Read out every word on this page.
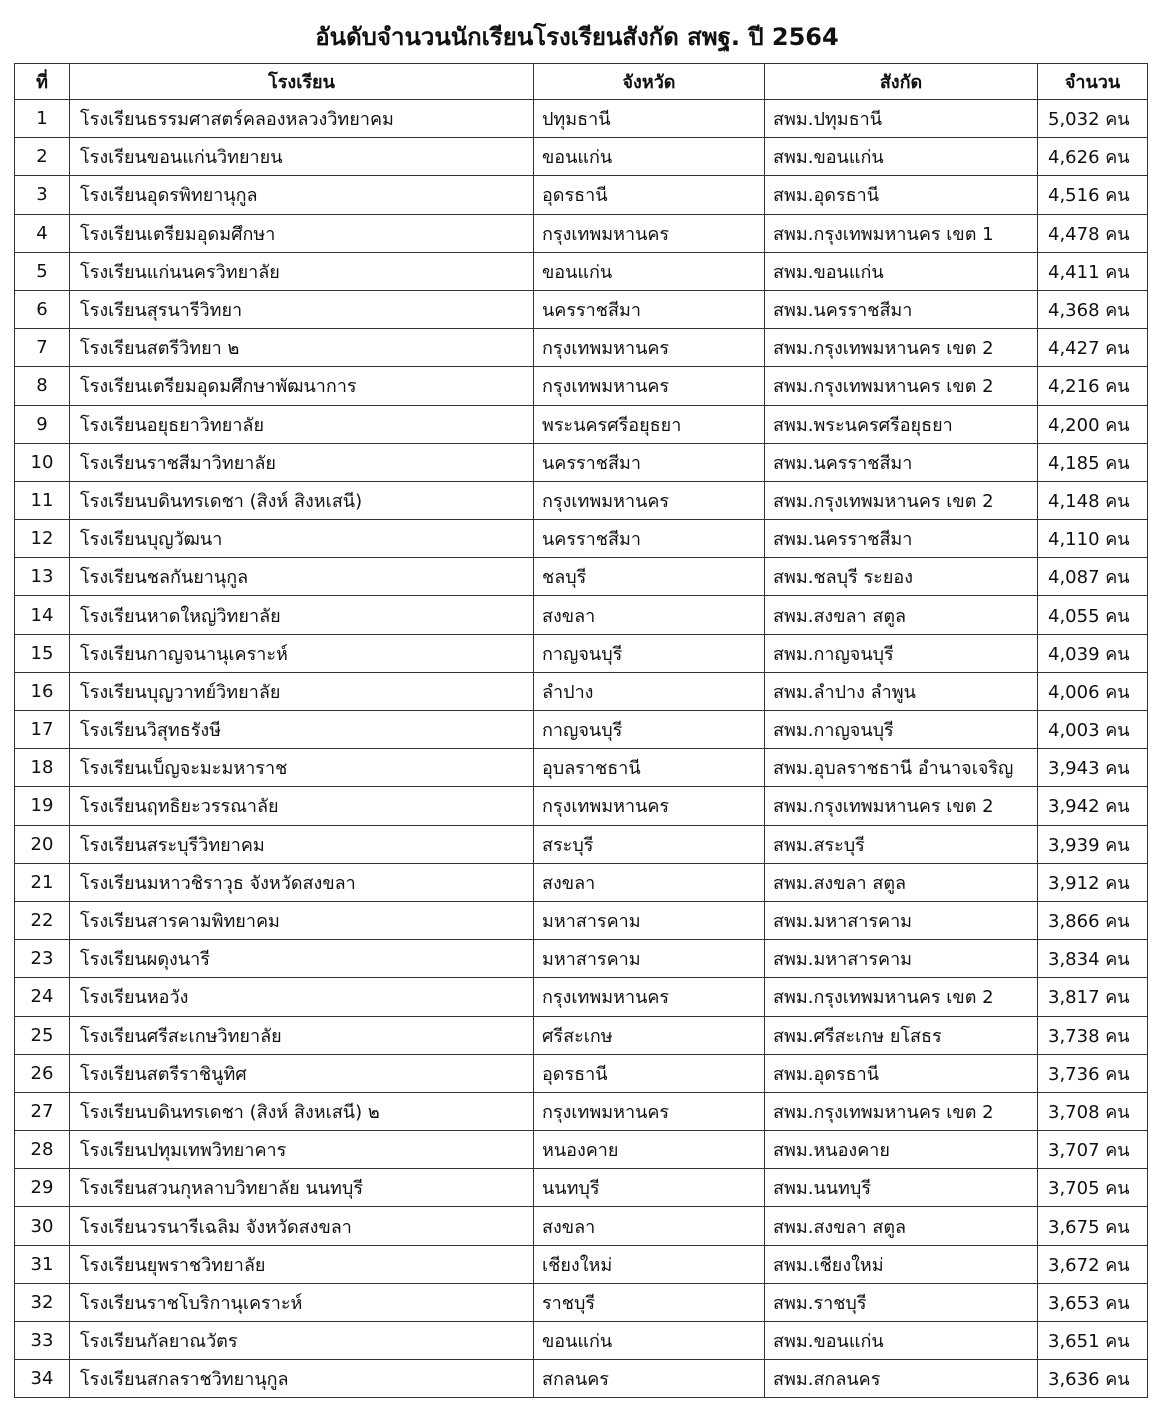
อันดับจำนวนนักเรียนโรงเรียนสังกัด สพฐ. ปี 2564
ที่	โรงเรียน	จังหวัด	สังกัด	จำนวน
1	โรงเรียนธรรมศาสตร์คลองหลวงวิทยาคม	ปทุมธานี	สพม.ปทุมธานี	5,032 คน
2	โรงเรียนขอนแก่นวิทยายน	ขอนแก่น	สพม.ขอนแก่น	4,626 คน
3	โรงเรียนอุดรพิทยานุกูล	อุดรธานี	สพม.อุดรธานี	4,516 คน
4	โรงเรียนเตรียมอุดมศึกษา	กรุงเทพมหานคร	สพม.กรุงเทพมหานคร เขต 1	4,478 คน
5	โรงเรียนแก่นนครวิทยาลัย	ขอนแก่น	สพม.ขอนแก่น	4,411 คน
6	โรงเรียนสุรนารีวิทยา	นครราชสีมา	สพม.นครราชสีมา	4,368 คน
7	โรงเรียนสตรีวิทยา ๒	กรุงเทพมหานคร	สพม.กรุงเทพมหานคร เขต 2	4,427 คน
8	โรงเรียนเตรียมอุดมศึกษาพัฒนาการ	กรุงเทพมหานคร	สพม.กรุงเทพมหานคร เขต 2	4,216 คน
9	โรงเรียนอยุธยาวิทยาลัย	พระนครศรีอยุธยา	สพม.พระนครศรีอยุธยา	4,200 คน
10	โรงเรียนราชสีมาวิทยาลัย	นครราชสีมา	สพม.นครราชสีมา	4,185 คน
11	โรงเรียนบดินทรเดชา (สิงห์ สิงหเสนี)	กรุงเทพมหานคร	สพม.กรุงเทพมหานคร เขต 2	4,148 คน
12	โรงเรียนบุญวัฒนา	นครราชสีมา	สพม.นครราชสีมา	4,110 คน
13	โรงเรียนชลกันยานุกูล	ชลบุรี	สพม.ชลบุรี ระยอง	4,087 คน
14	โรงเรียนหาดใหญ่วิทยาลัย	สงขลา	สพม.สงขลา สตูล	4,055 คน
15	โรงเรียนกาญจนานุเคราะห์	กาญจนบุรี	สพม.กาญจนบุรี	4,039 คน
16	โรงเรียนบุญวาทย์วิทยาลัย	ลำปาง	สพม.ลำปาง ลำพูน	4,006 คน
17	โรงเรียนวิสุทธรังษี	กาญจนบุรี	สพม.กาญจนบุรี	4,003 คน
18	โรงเรียนเบ็ญจะมะมหาราช	อุบลราชธานี	สพม.อุบลราชธานี อำนาจเจริญ	3,943 คน
19	โรงเรียนฤทธิยะวรรณาลัย	กรุงเทพมหานคร	สพม.กรุงเทพมหานคร เขต 2	3,942 คน
20	โรงเรียนสระบุรีวิทยาคม	สระบุรี	สพม.สระบุรี	3,939 คน
21	โรงเรียนมหาวชิราวุธ จังหวัดสงขลา	สงขลา	สพม.สงขลา สตูล	3,912 คน
22	โรงเรียนสารคามพิทยาคม	มหาสารคาม	สพม.มหาสารคาม	3,866 คน
23	โรงเรียนผดุงนารี	มหาสารคาม	สพม.มหาสารคาม	3,834 คน
24	โรงเรียนหอวัง	กรุงเทพมหานคร	สพม.กรุงเทพมหานคร เขต 2	3,817 คน
25	โรงเรียนศรีสะเกษวิทยาลัย	ศรีสะเกษ	สพม.ศรีสะเกษ ยโสธร	3,738 คน
26	โรงเรียนสตรีราชินูทิศ	อุดรธานี	สพม.อุดรธานี	3,736 คน
27	โรงเรียนบดินทรเดชา (สิงห์ สิงหเสนี) ๒	กรุงเทพมหานคร	สพม.กรุงเทพมหานคร เขต 2	3,708 คน
28	โรงเรียนปทุมเทพวิทยาคาร	หนองคาย	สพม.หนองคาย	3,707 คน
29	โรงเรียนสวนกุหลาบวิทยาลัย นนทบุรี	นนทบุรี	สพม.นนทบุรี	3,705 คน
30	โรงเรียนวรนารีเฉลิม จังหวัดสงขลา	สงขลา	สพม.สงขลา สตูล	3,675 คน
31	โรงเรียนยุพราชวิทยาลัย	เชียงใหม่	สพม.เชียงใหม่	3,672 คน
32	โรงเรียนราชโบริกานุเคราะห์	ราชบุรี	สพม.ราชบุรี	3,653 คน
33	โรงเรียนกัลยาณวัตร	ขอนแก่น	สพม.ขอนแก่น	3,651 คน
34	โรงเรียนสกลราชวิทยานุกูล	สกลนคร	สพม.สกลนคร	3,636 คน
